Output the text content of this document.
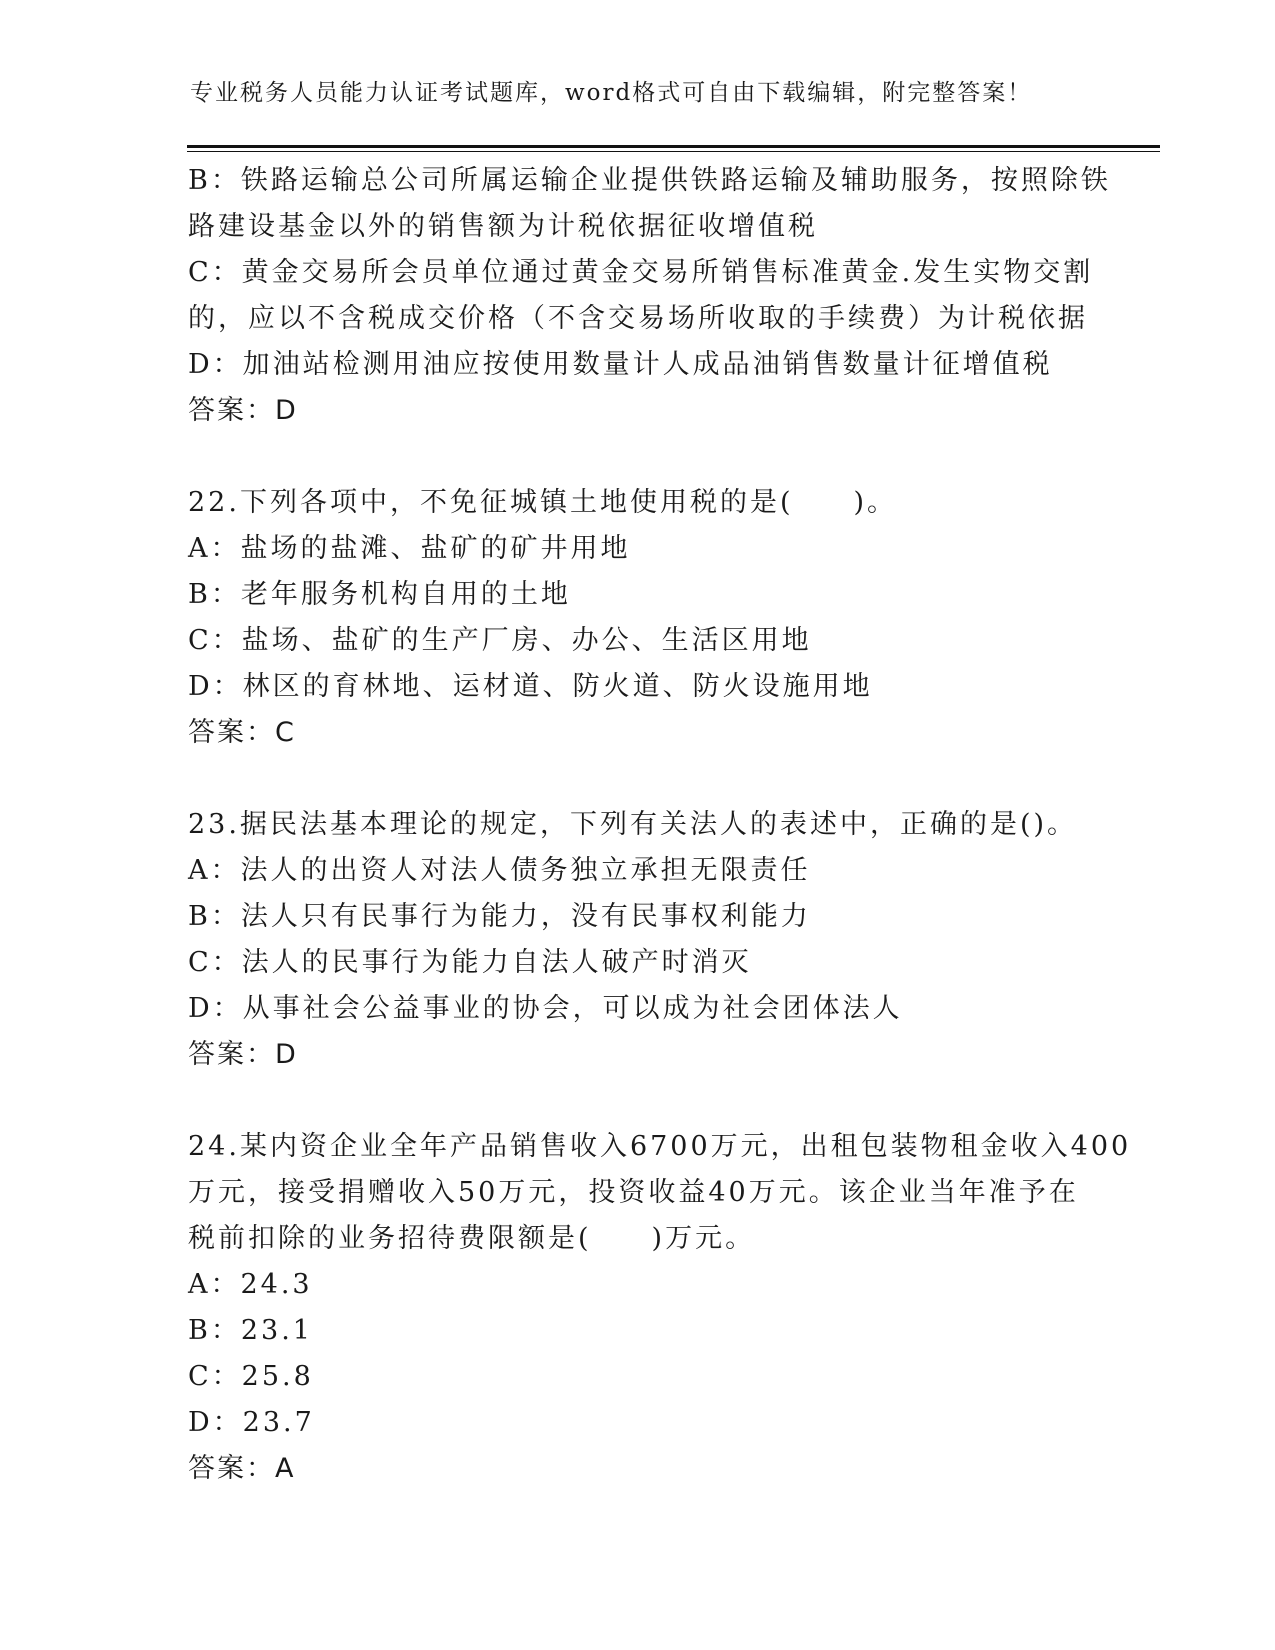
专业税务人员能力认证考试题库，word格式可自由下载编辑，附完整答案！
B：铁路运输总公司所属运输企业提供铁路运输及辅助服务，按照除铁
路建设基金以外的销售额为计税依据征收增值税
C：黄金交易所会员单位通过黄金交易所销售标准黄金.发生实物交割
的，应以不含税成交价格（不含交易场所收取的手续费）为计税依据
D：加油站检测用油应按使用数量计人成品油销售数量计征增值税
答案：D
22.下列各项中，不免征城镇土地使用税的是(　　)。
A：盐场的盐滩、盐矿的矿井用地
B：老年服务机构自用的土地
C：盐场、盐矿的生产厂房、办公、生活区用地
D：林区的育林地、运材道、防火道、防火设施用地
答案：C
23.据民法基本理论的规定，下列有关法人的表述中，正确的是()。
A：法人的出资人对法人债务独立承担无限责任
B：法人只有民事行为能力，没有民事权利能力
C：法人的民事行为能力自法人破产时消灭
D：从事社会公益事业的协会，可以成为社会团体法人
答案：D
24.某内资企业全年产品销售收入6700万元，出租包装物租金收入400
万元，接受捐赠收入50万元，投资收益40万元。该企业当年准予在
税前扣除的业务招待费限额是(　　)万元。
A：24.3
B：23.1
C：25.8
D：23.7
答案：A
